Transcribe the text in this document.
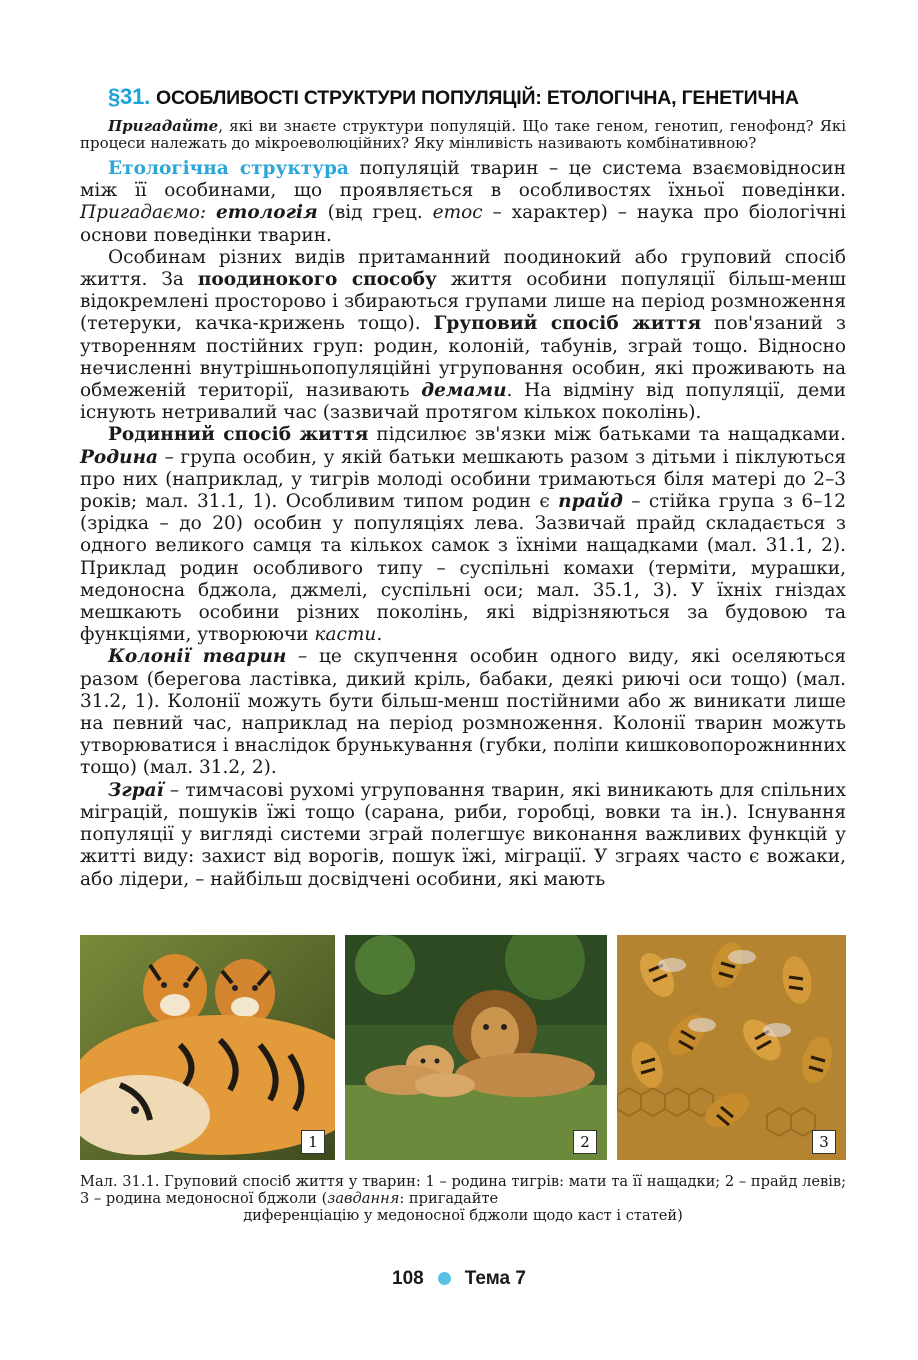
§31. ОСОБЛИВОСТІ СТРУКТУРИ ПОПУЛЯЦІЙ: ЕТОЛОГІЧНА, ГЕНЕТИЧНА

Пригадайте, які ви знаєте структури популяцій. Що таке геном, генотип, генофонд? Які процеси належать до мікроеволюційних? Яку мінливість називають комбінативною?

Етологічна структура популяцій тварин – це система взаємовідносин між її особинами, що проявляється в особливостях їхньої поведінки. Пригадаємо: етологія (від грец. етос – характер) – наука про біологічні основи поведінки тварин.

Особинам різних видів притаманний поодинокий або груповий спосіб життя. За поодинокого способу життя особини популяції більш-менш відокремлені просторово і збираються групами лише на період розмноження (тетеруки, качка-крижень тощо). Груповий спосіб життя пов'язаний з утворенням постійних груп: родин, колоній, табунів, зграй тощо. Відносно нечисленні внутрішньопопуляційні угруповання особин, які проживають на обмеженій території, називають демами. На відміну від популяції, деми існують нетривалий час (зазвичай протягом кількох поколінь).

Родинний спосіб життя підсилює зв'язки між батьками та нащадками. Родина – група особин, у якій батьки мешкають разом з дітьми і піклуються про них (наприклад, у тигрів молоді особини тримаються біля матері до 2–3 років; мал. 31.1, 1). Особливим типом родин є прайд – стійка група з 6–12 (зрідка – до 20) особин у популяціях лева. Зазвичай прайд складається з одного великого самця та кількох самок з їхніми нащадками (мал. 31.1, 2). Приклад родин особливого типу – суспільні комахи (терміти, мурашки, медоносна бджола, джмелі, суспільні оси; мал. 35.1, 3). У їхніх гніздах мешкають особини різних поколінь, які відрізняються за будовою та функціями, утворюючи касти.

Колонії тварин – це скупчення особин одного виду, які оселяються разом (берегова ластівка, дикий кріль, бабаки, деякі риючі оси тощо) (мал. 31.2, 1). Колонії можуть бути більш-менш постійними або ж виникати лише на певний час, наприклад на період розмноження. Колонії тварин можуть утворюватися і внаслідок брунькування (губки, поліпи кишковопорожнинних тощо) (мал. 31.2, 2).

Зграї – тимчасові рухомі угруповання тварин, які виникають для спільних міграцій, пошуків їжі тощо (сарана, риби, горобці, вовки та ін.). Існування популяції у вигляді системи зграй полегшує виконання важливих функцій у житті виду: захист від ворогів, пошук їжі, міграції. У зграях часто є вожаки, або лідери, – найбільш досвідчені особини, які мають

1	2	3
Мал. 31.1. Груповий спосіб життя у тварин: 1 – родина тигрів: мати та її нащадки; 2 – прайд левів; 3 – родина медоносної бджоли (завдання: пригадайте
диференціацію у медоносної бджоли щодо каст і статей)
108 Тема 7
